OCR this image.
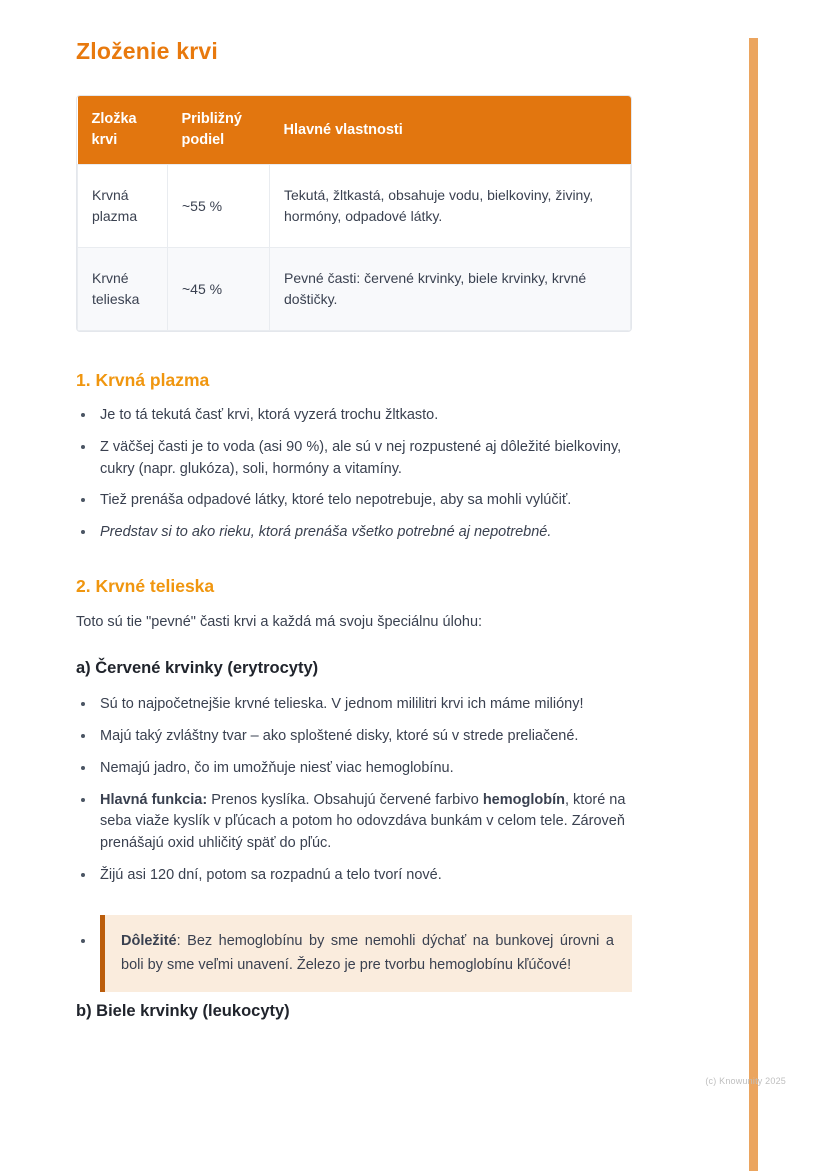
Zloženie krvi
Zložka krvi	Približný podiel	Hlavné vlastnosti
Krvná plazma	~55 %	Tekutá, žltkastá, obsahuje vodu, bielkoviny, živiny, hormóny, odpadové látky.
Krvné telieska	~45 %	Pevné časti: červené krvinky, biele krvinky, krvné doštičky.
1. Krvná plazma
• Je to tá tekutá časť krvi, ktorá vyzerá trochu žltkasto.
• Z väčšej časti je to voda (asi 90 %), ale sú v nej rozpustené aj dôležité bielkoviny, cukry (napr. glukóza), soli, hormóny a vitamíny.
• Tiež prenáša odpadové látky, ktoré telo nepotrebuje, aby sa mohli vylúčiť.
• Predstav si to ako rieku, ktorá prenáša všetko potrebné aj nepotrebné.
2. Krvné telieska

Toto sú tie "pevné" časti krvi a každá má svoju špeciálnu úlohu:

a) Červené krvinky (erytrocyty)
• Sú to najpočetnejšie krvné telieska. V jednom mililitri krvi ich máme milióny!
• Majú taký zvláštny tvar – ako sploštené disky, ktoré sú v strede preliačené.
• Nemajú jadro, čo im umožňuje niesť viac hemoglobínu.
• Hlavná funkcia: Prenos kyslíka. Obsahujú červené farbivo hemoglobín, ktoré na seba viaže kyslík v pľúcach a potom ho odovzdáva bunkám v celom tele. Zároveň prenášajú oxid uhličitý späť do pľúc.
• Žijú asi 120 dní, potom sa rozpadnú a telo tvorí nové.
• Dôležité: Bez hemoglobínu by sme nemohli dýchať na bunkovej úrovni a boli by sme veľmi unavení. Železo je pre tvorbu hemoglobínu kľúčové!
b) Biele krvinky (leukocyty)
(c) Knowunity 2025
